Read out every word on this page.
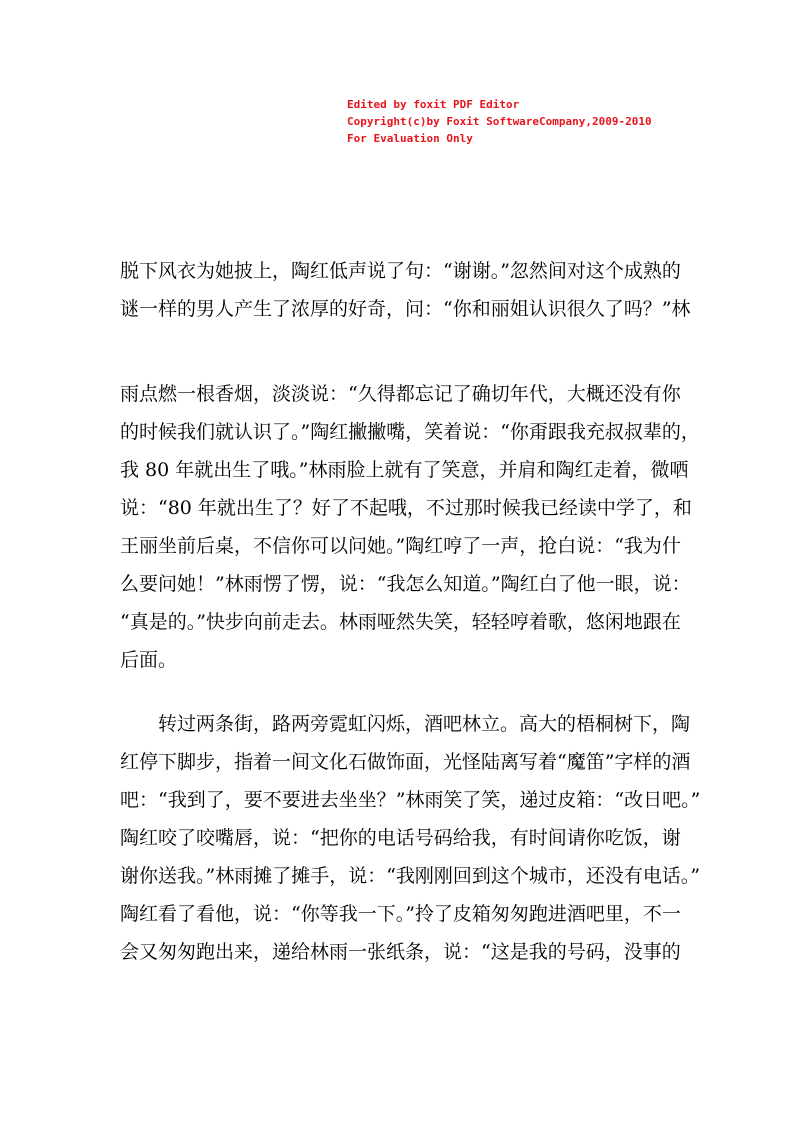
Edited by foxit PDF Editor
Copyright(c)by Foxit SoftwareCompany,2009-2010
For Evaluation Only
脱下风衣为她披上，陶红低声说了句：“谢谢。”忽然间对这个成熟的
谜一样的男人产生了浓厚的好奇，问：“你和丽姐认识很久了吗？”林
雨点燃一根香烟，淡淡说：“久得都忘记了确切年代，大概还没有你
的时候我们就认识了。”陶红撇撇嘴，笑着说：“你甭跟我充叔叔辈的，
我 80 年就出生了哦。”林雨脸上就有了笑意，并肩和陶红走着，微哂
说：“80 年就出生了？好了不起哦，不过那时候我已经读中学了，和
王丽坐前后桌，不信你可以问她。”陶红哼了一声，抢白说：“我为什
么要问她！”林雨愣了愣，说：“我怎么知道。”陶红白了他一眼，说：
“真是的。”快步向前走去。林雨哑然失笑，轻轻哼着歌，悠闲地跟在
后面。
转过两条街，路两旁霓虹闪烁，酒吧林立。高大的梧桐树下，陶
红停下脚步，指着一间文化石做饰面，光怪陆离写着“魔笛”字样的酒
吧：“我到了，要不要进去坐坐？”林雨笑了笑，递过皮箱：“改日吧。”
陶红咬了咬嘴唇，说：“把你的电话号码给我，有时间请你吃饭，谢
谢你送我。”林雨摊了摊手，说：“我刚刚回到这个城市，还没有电话。”
陶红看了看他，说：“你等我一下。”拎了皮箱匆匆跑进酒吧里，不一
会又匆匆跑出来，递给林雨一张纸条，说：“这是我的号码，没事的
